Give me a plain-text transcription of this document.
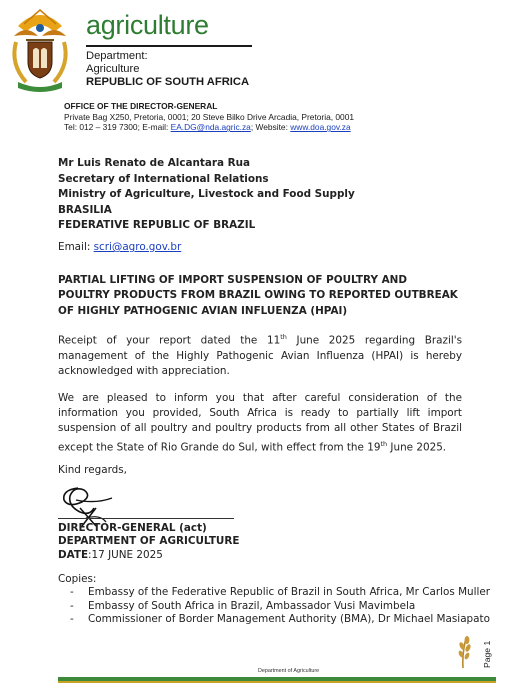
agriculture
Department:
Agriculture
REPUBLIC OF SOUTH AFRICA
OFFICE OF THE DIRECTOR-GENERAL
Private Bag X250, Pretoria, 0001; 20 Steve Bilko Drive Arcadia, Pretoria, 0001
Tel: 012 – 319 7300; E-mail: EA.DG@nda.agric.za; Website: www.doa.gov.za
Mr Luis Renato de Alcantara Rua
Secretary of International Relations
Ministry of Agriculture, Livestock and Food Supply
BRASILIA
FEDERATIVE REPUBLIC OF BRAZIL
Email: scri@agro.gov.br
PARTIAL LIFTING OF IMPORT SUSPENSION OF POULTRY AND POULTRY PRODUCTS FROM BRAZIL OWING TO REPORTED OUTBREAK OF HIGHLY PATHOGENIC AVIAN INFLUENZA (HPAI)
Receipt of your report dated the 11th June 2025 regarding Brazil's management of the Highly Pathogenic Avian Influenza (HPAI) is hereby acknowledged with appreciation.
We are pleased to inform you that after careful consideration of the information you provided, South Africa is ready to partially lift import suspension of all poultry and poultry products from all other States of Brazil except the State of Rio Grande do Sul, with effect from the 19th June 2025.
Kind regards,
DIRECTOR-GENERAL (act)
DEPARTMENT OF AGRICULTURE
DATE:17 JUNE 2025
Copies:
- Embassy of the Federative Republic of Brazil in South Africa, Mr Carlos Muller
- Embassy of South Africa in Brazil, Ambassador Vusi Mavimbela
- Commissioner of Border Management Authority (BMA), Dr Michael Masiapato
Page 1
Department of Agriculture
